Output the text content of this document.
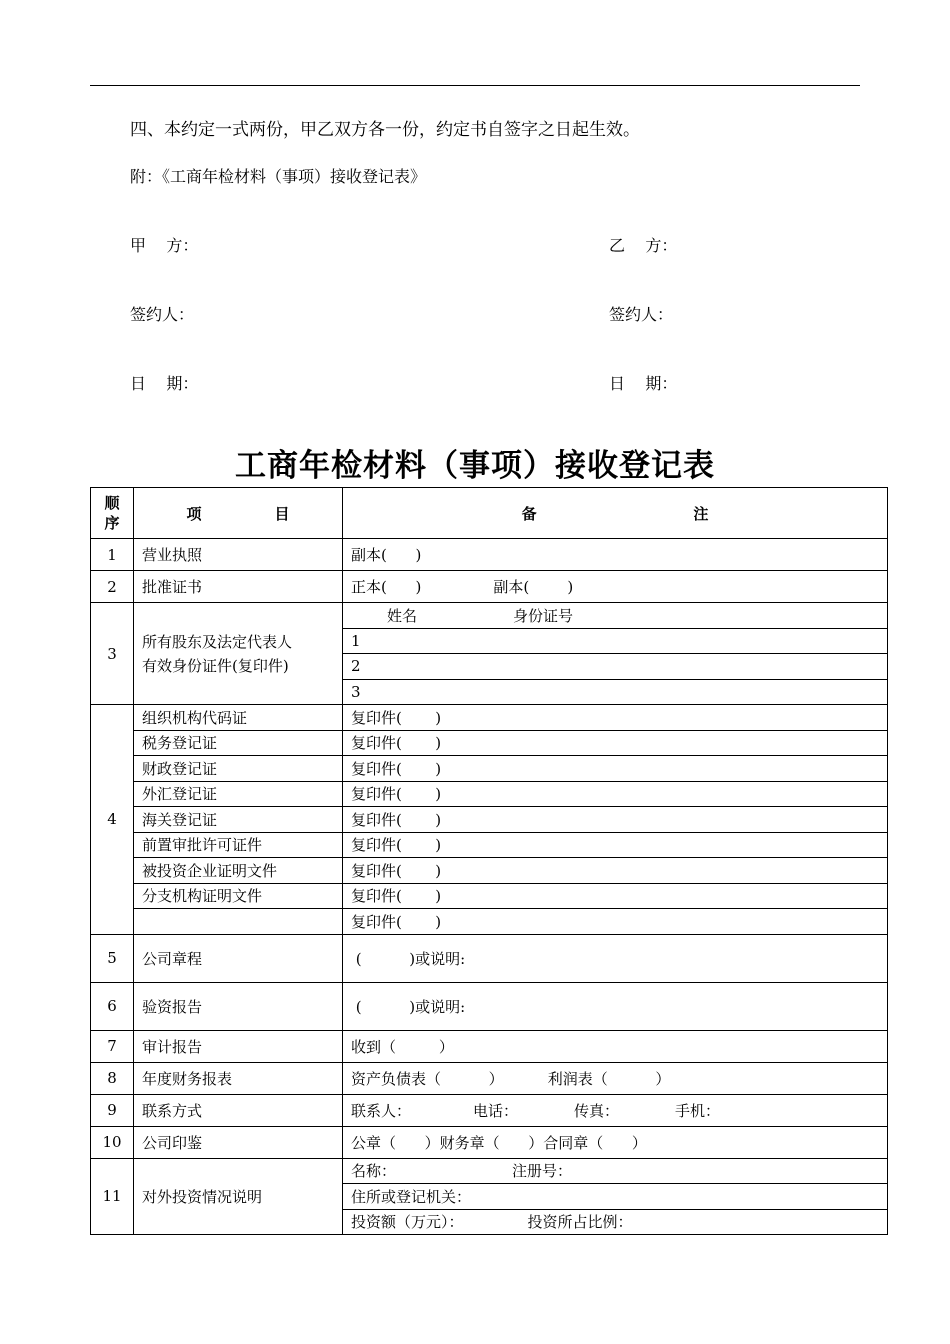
四、本约定一式两份，甲乙双方各一份，约定书自签字之日起生效。
附：《工商年检材料（事项）接收登记表》
甲    方：	乙    方：
签约人：	签约人：
日    期：	日    期：
工商年检材料（事项）接收登记表
顺
序	项              目	备                              注
1	营业执照	副本(      )
2	批准证书	正本(      ) 副本(        )
3	所有股东及法定代表人
有效身份证件(复印件)	姓名 身份证号
		1
		2
		3
4	组织机构代码证	复印件(       )
	税务登记证	复印件(       )
	财政登记证	复印件(       )
	外汇登记证	复印件(       )
	海关登记证	复印件(       )
	前置审批许可证件	复印件(       )
	被投资企业证明文件	复印件(       )
	分支机构证明文件	复印件(       )
		复印件(       )
5	公司章程	(          )或说明:
6	验资报告	(          )或说明:
7	审计报告	收到（         ）
8	年度财务报表	资产负债表（          ） 利润表（          ）
9	联系方式	联系人： 电话： 传真： 手机：
10	公司印鉴	公章（      ）财务章（      ）合同章（      ）
11	对外投资情况说明	名称： 注册号：
		住所或登记机关：
		投资额（万元）： 投资所占比例：
